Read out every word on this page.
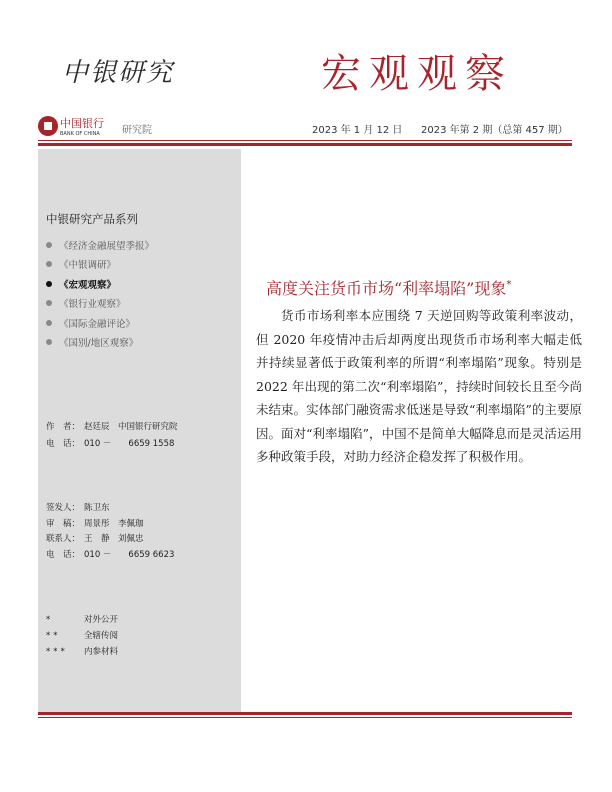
中银研究	宏观观察
中国银行
BANK OF CHINA 研究院	2023 年 1 月 12 日 2023 年第 2 期（总第 457 期）
中银研究产品系列
《经济金融展望季报》
《中银调研》
《宏观观察》
《银行业观察》
《国际金融评论》
《国别/地区观察》
作　者： 赵廷辰　中国银行研究院
电　话： 010 －　　6659 1558
签发人： 陈卫东
审　稿： 周景彤　李佩珈
联系人： 王　静　刘佩忠
电　话： 010 －　　6659 6623
*	对外公开
**	全辖传阅
*** 内参材料
高度关注货币市场“利率塌陷”现象*

货币市场利率本应围绕 7 天逆回购等政策利率波动，但 2020 年疫情冲击后却两度出现货币市场利率大幅走低并持续显著低于政策利率的所谓“利率塌陷”现象。特别是 2022 年出现的第二次“利率塌陷”，持续时间较长且至今尚未结束。实体部门融资需求低迷是导致“利率塌陷”的主要原因。面对“利率塌陷”，中国不是简单大幅降息而是灵活运用多种政策手段，对助力经济企稳发挥了积极作用。
